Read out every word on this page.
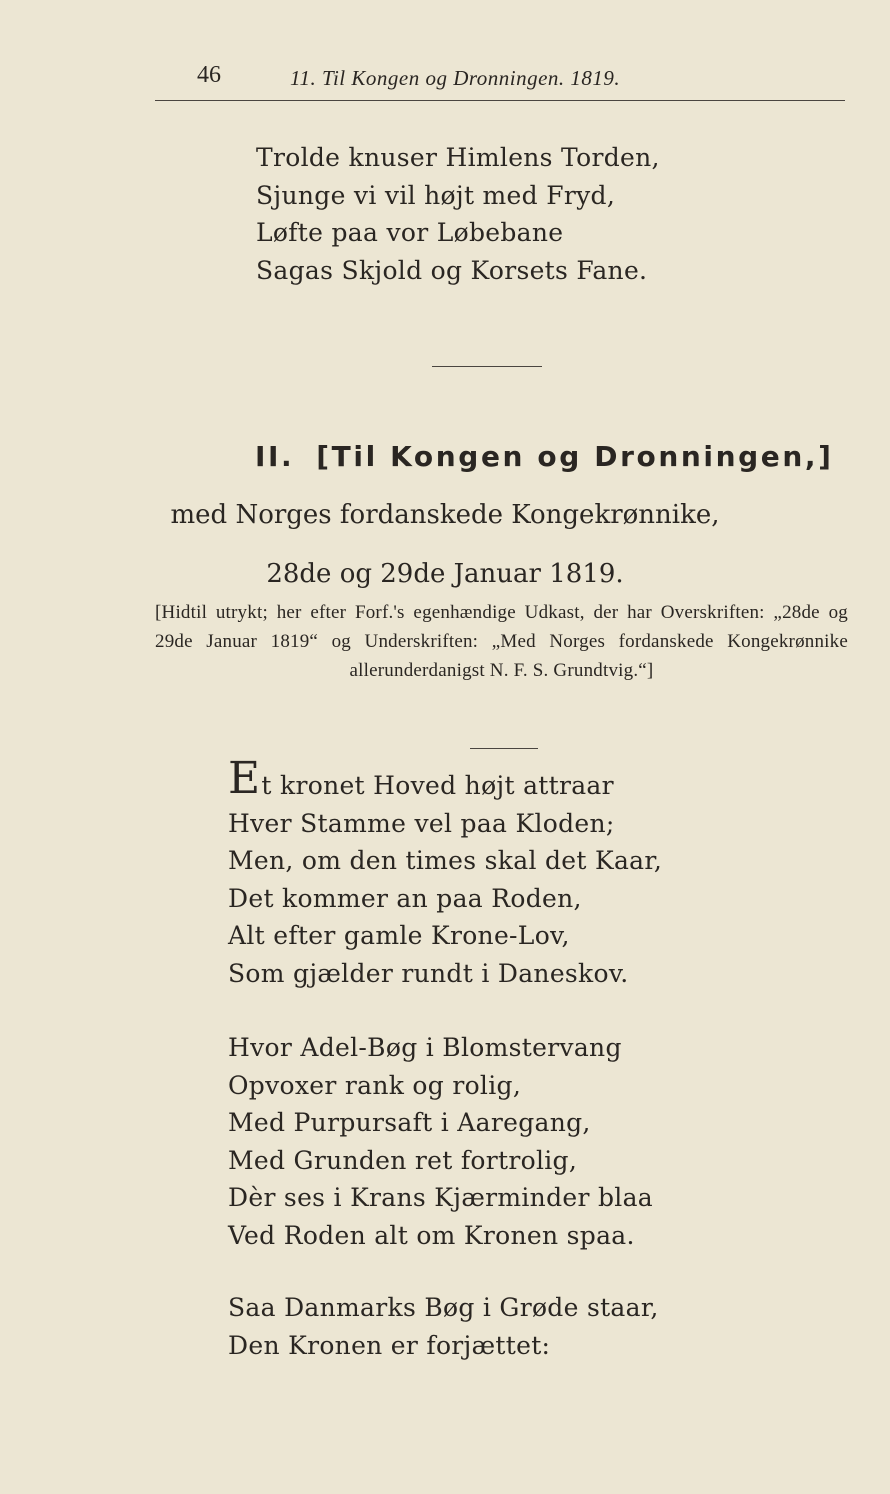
46	11. Til Kongen og Dronningen. 1819.
Trolde knuser Himlens Torden,
Sjunge vi vil højt med Fryd,
Løfte paa vor Løbebane
Sagas Skjold og Korsets Fane.
II. [Til Kongen og Dronningen,]
med Norges fordanskede Kongekrønnike,
28de og 29de Januar 1819.
[Hidtil utrykt; her efter Forf.'s egenhændige Udkast, der har Overskriften: „28de og 29de Januar 1819“ og Underskriften: „Med Norges fordanskede Kongekrønnike allerunderdanigst N. F. S. Grundtvig.“]
Et kronet Hoved højt attraar
Hver Stamme vel paa Kloden;
Men, om den times skal det Kaar,
Det kommer an paa Roden,
Alt efter gamle Krone-Lov,
Som gjælder rundt i Daneskov.
Hvor Adel-Bøg i Blomstervang
Opvoxer rank og rolig,
Med Purpursaft i Aaregang,
Med Grunden ret fortrolig,
Dèr ses i Krans Kjærminder blaa
Ved Roden alt om Kronen spaa.
Saa Danmarks Bøg i Grøde staar,
Den Kronen er forjættet:
